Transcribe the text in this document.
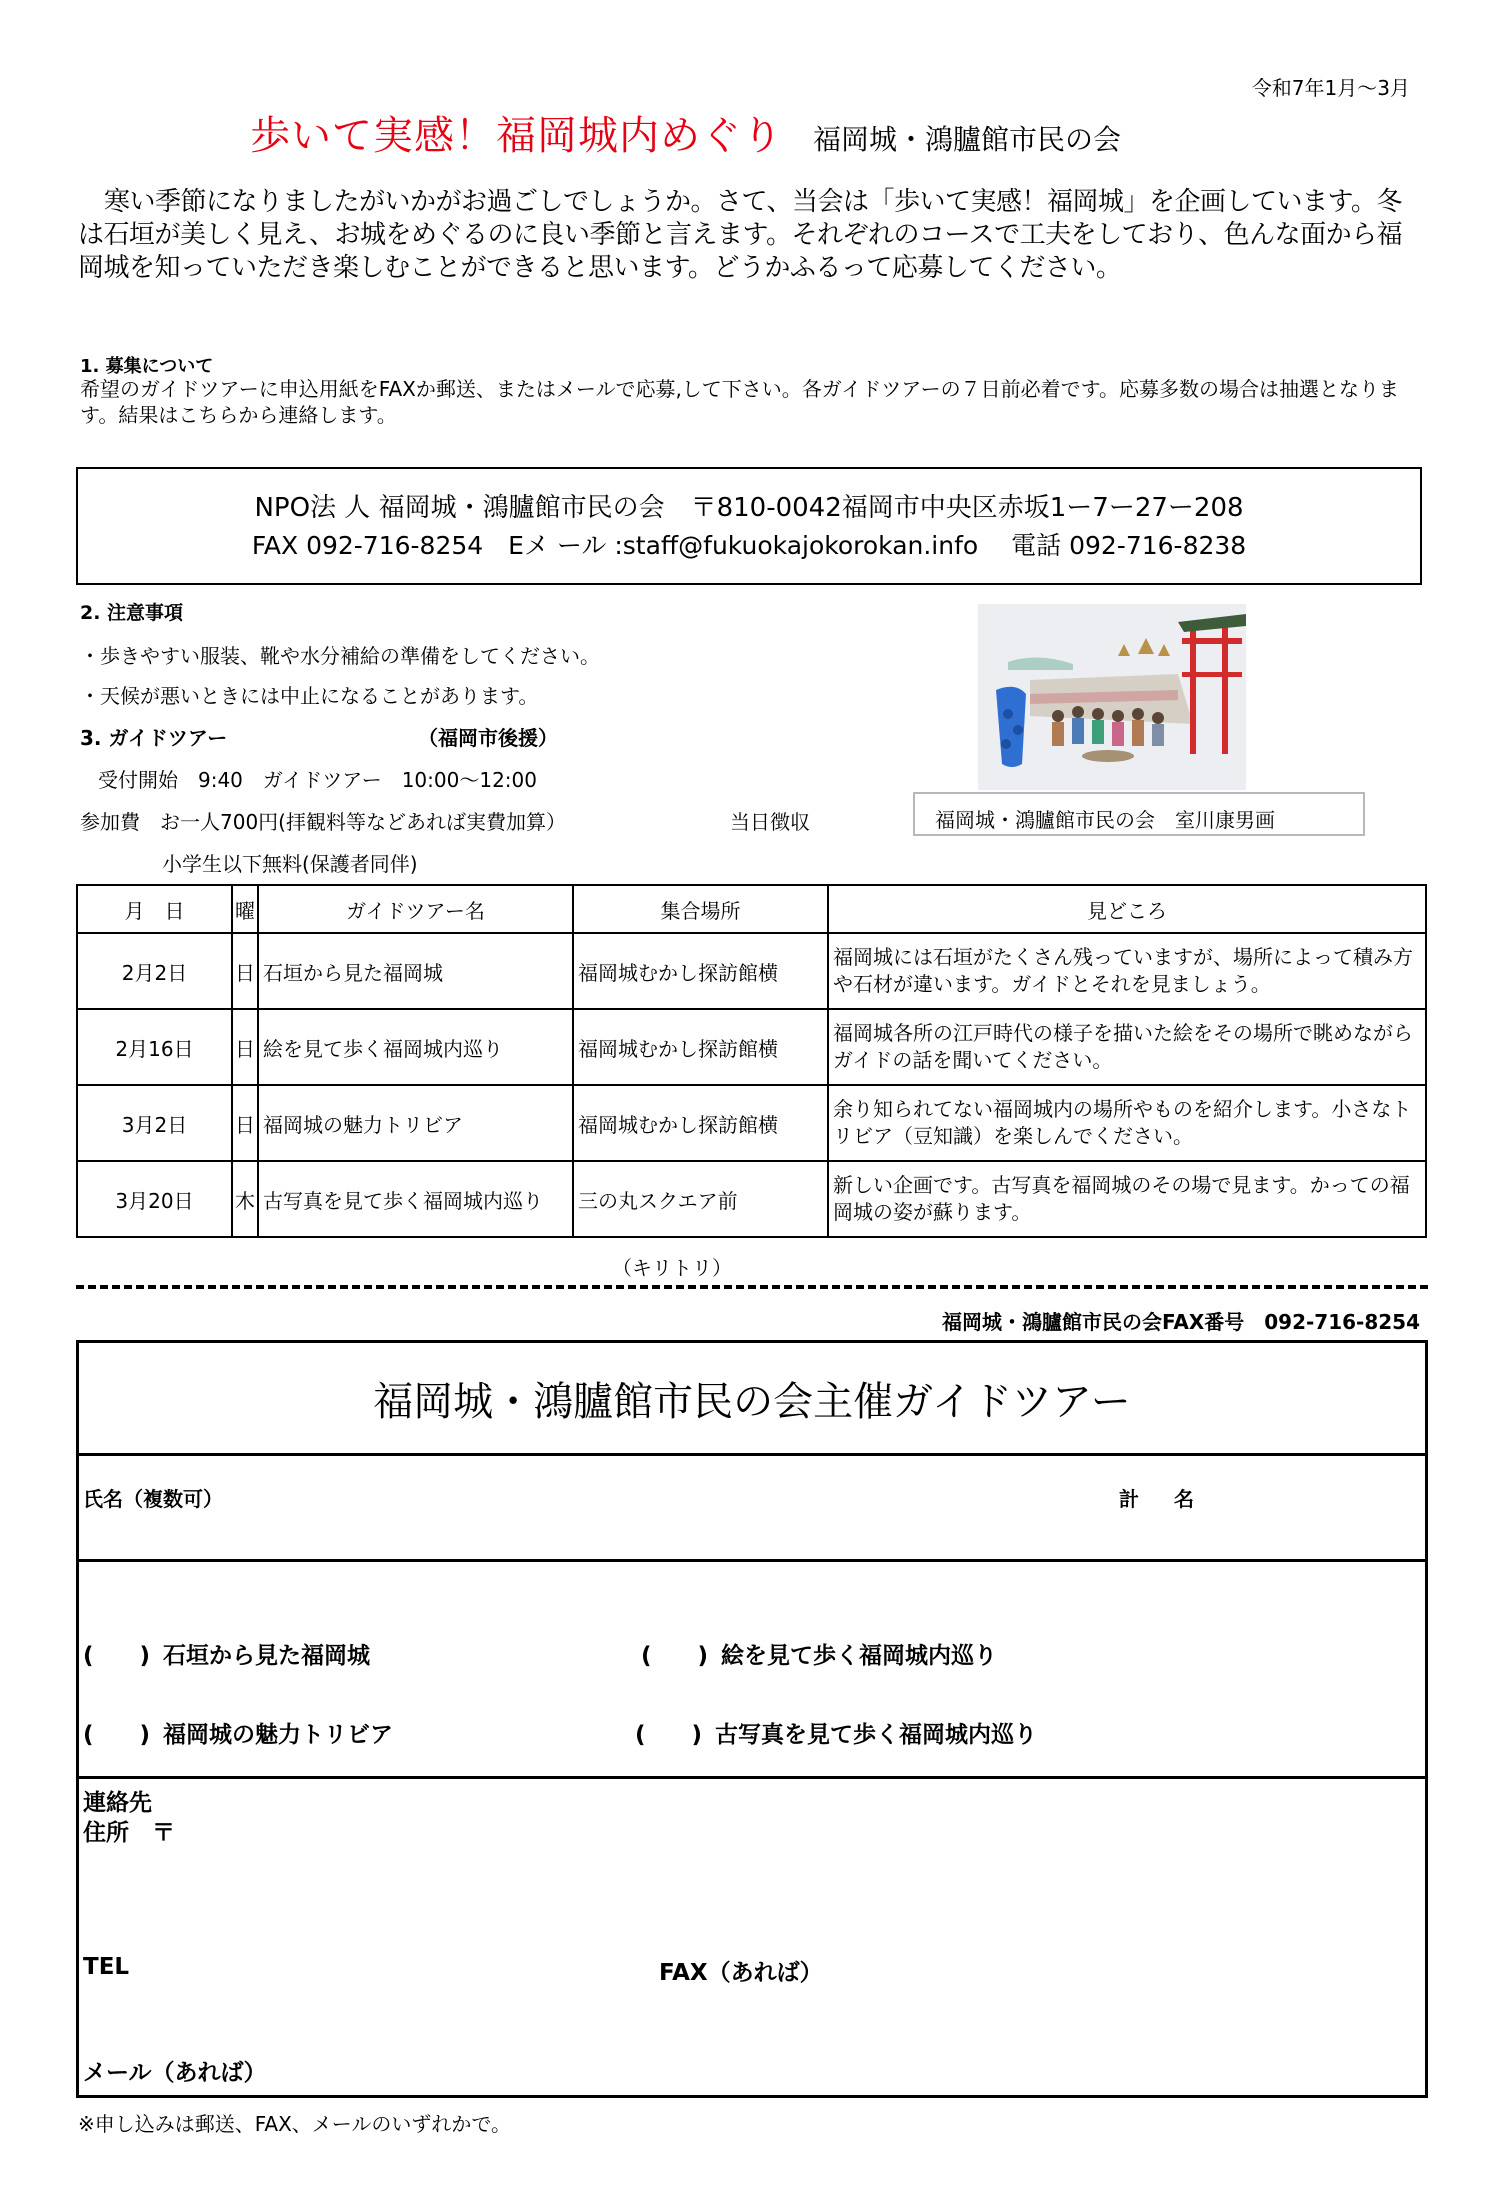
令和7年1月～3月
歩いて実感！福岡城内めぐり 福岡城・鴻臚館市民の会
寒い季節になりましたがいかがお過ごしでしょうか。さて、当会は「歩いて実感！福岡城」を企画しています。冬は石垣が美しく見え、お城をめぐるのに良い季節と言えます。それぞれのコースで工夫をしており、色んな面から福岡城を知っていただき楽しむことができると思います。どうかふるって応募してください。
1. 募集について
希望のガイドツアーに申込用紙をFAXか郵送、またはメールで応募,して下さい。各ガイドツアーの７日前必着です。応募多数の場合は抽選となります。結果はこちらから連絡します。
NPO法 人 福岡城・鴻臚館市民の会　〒810-0042福岡市中央区赤坂1ー7ー27ー208
FAX 092-716-8254　Eメ ール :staff@fukuokajokorokan.info　 電話 092-716-8238
2. 注意事項
・歩きやすい服装、靴や水分補給の準備をしてください。
・天候が悪いときには中止になることがあります。
3. ガイドツアー	（福岡市後援）
受付開始　9:40　ガイドツアー　10:00～12:00
参加費　お一人700円(拝観料等などあれば実費加算）	当日徴収
小学生以下無料(保護者同伴)
福岡城・鴻臚館市民の会　室川康男画
月　日	曜	ガイドツアー名	集合場所	見どころ
2月2日	日	石垣から見た福岡城	福岡城むかし探訪館横	福岡城には石垣がたくさん残っていますが、場所によって積み方や石材が違います。ガイドとそれを見ましょう。
2月16日	日	絵を見て歩く福岡城内巡り	福岡城むかし探訪館横	福岡城各所の江戸時代の様子を描いた絵をその場所で眺めながらガイドの話を聞いてください。
3月2日	日	福岡城の魅力トリビア	福岡城むかし探訪館横	余り知られてない福岡城内の場所やものを紹介します。小さなトリビア（豆知識）を楽しんでください。
3月20日	木	古写真を見て歩く福岡城内巡り	三の丸スクエア前	新しい企画です。古写真を福岡城のその場で見ます。かっての福岡城の姿が蘇ります。
（キリトリ）
福岡城・鴻臚館市民の会FAX番号　092-716-8254
福岡城・鴻臚館市民の会主催ガイドツアー
氏名（複数可）	計 名
(　　) 石垣から見た福岡城	(　　) 絵を見て歩く福岡城内巡り
(　　) 福岡城の魅力トリビア	(　　) 古写真を見て歩く福岡城内巡り
連絡先
住所　〒
TEL	FAX（あれば）
メール（あれば）
※申し込みは郵送、FAX、メールのいずれかで。
